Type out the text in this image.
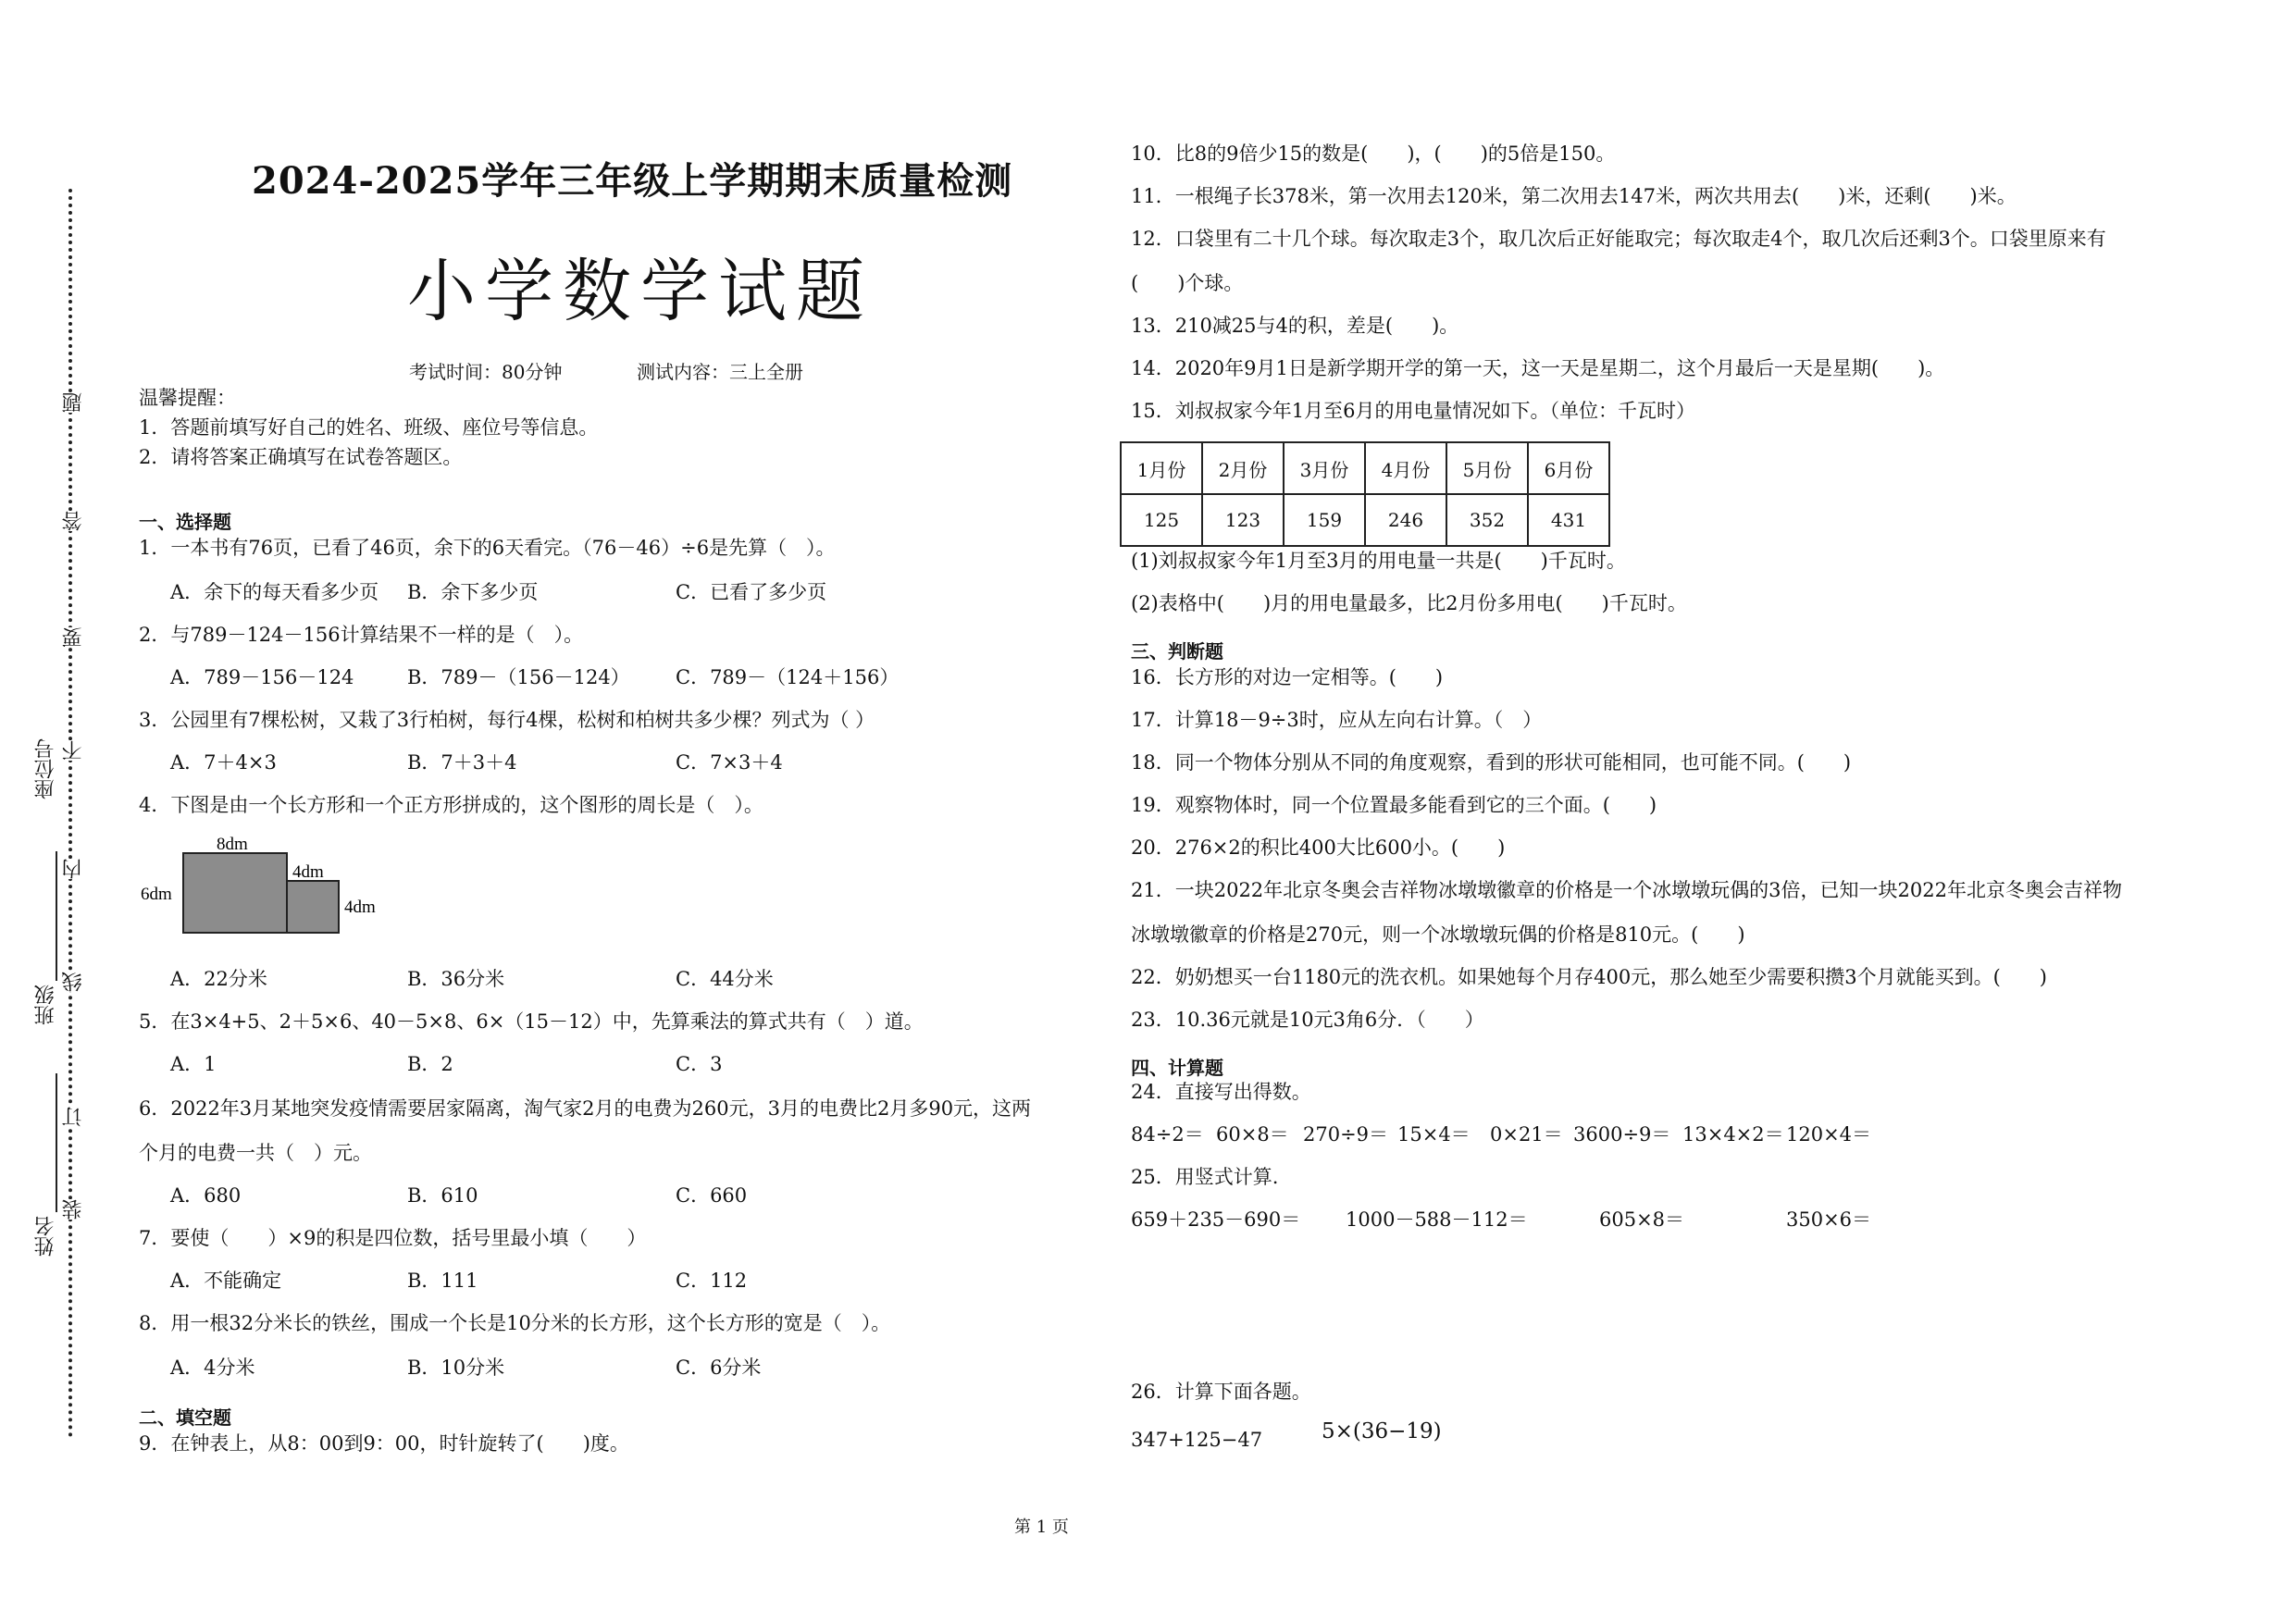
装
订
线
内
不
要
答
题
姓名
班级
座位号
2024-2025学年三年级上学期期末质量检测
小学数学试题
考试时间：80分钟	测试内容：三上全册
温馨提醒：
1．答题前填写好自己的姓名、班级、座位号等信息。
2．请将答案正确填写在试卷答题区。
一、选择题
1．一本书有76页，已看了46页，余下的6天看完。（76－46）÷6是先算（　）。
A．余下的每天看多少页 B．余下多少页	C．已看了多少页
2．与789－124－156计算结果不一样的是（　）。
A．789－156－124	B．789－（156－124） C．789－（124＋156）
3．公园里有7棵松树，又栽了3行柏树，每行4棵，松树和柏树共多少棵？列式为（ ）
A．7＋4×3	B．7＋3＋4	C．7×3＋4
4．下图是由一个长方形和一个正方形拼成的，这个图形的周长是（　）。
8dm
6dm
4dm
4dm
A．22分米	B．36分米	C．44分米
5．在3×4+5、2＋5×6、40－5×8、6×（15－12）中，先算乘法的算式共有（　）道。
A．1	B．2	C．3
6．2022年3月某地突发疫情需要居家隔离，淘气家2月的电费为260元，3月的电费比2月多90元，这两
个月的电费一共（　）元。
A．680	B．610	C．660
7．要使（　　）×9的积是四位数，括号里最小填（　　）
A．不能确定	B．111	C．112
8．用一根32分米长的铁丝，围成一个长是10分米的长方形，这个长方形的宽是（　）。
A．4分米	B．10分米	C．6分米
二、填空题
9．在钟表上，从8：00到9：00，时针旋转了(　　)度。
10．比8的9倍少15的数是(　　)，(　　)的5倍是150。
11．一根绳子长378米，第一次用去120米，第二次用去147米，两次共用去(　　)米，还剩(　　)米。
12．口袋里有二十几个球。每次取走3个，取几次后正好能取完；每次取走4个，取几次后还剩3个。口袋里原来有
(　　)个球。
13．210减25与4的积，差是(　　)。
14．2020年9月1日是新学期开学的第一天，这一天是星期二，这个月最后一天是星期(　　)。
15．刘叔叔家今年1月至6月的用电量情况如下。（单位：千瓦时）
1月份	2月份	3月份	4月份	5月份	6月份
125	123	159	246	352	431
(1)刘叔叔家今年1月至3月的用电量一共是(　　)千瓦时。
(2)表格中(　　)月的用电量最多，比2月份多用电(　　)千瓦时。
三、判断题
16．长方形的对边一定相等。(　　)
17．计算18－9÷3时，应从左向右计算。（　）
18．同一个物体分别从不同的角度观察，看到的形状可能相同，也可能不同。(　　)
19．观察物体时，同一个位置最多能看到它的三个面。(　　)
20．276×2的积比400大比600小。(　　)
21．一块2022年北京冬奥会吉祥物冰墩墩徽章的价格是一个冰墩墩玩偶的3倍，已知一块2022年北京冬奥会吉祥物
冰墩墩徽章的价格是270元，则一个冰墩墩玩偶的价格是810元。(　　)
22．奶奶想买一台1180元的洗衣机。如果她每个月存400元，那么她至少需要积攒3个月就能买到。(　　)
23．10.36元就是10元3角6分．（　　）
四、计算题
24．直接写出得数。
84÷2＝ 60×8＝ 270÷9＝ 15×4＝ 0×21＝ 3600÷9＝ 13×4×2＝ 120×4＝
25．用竖式计算.
659＋235－690＝ 1000－588－112＝	605×8＝	350×6＝
26．计算下面各题。
347+125−47	5×(36−19)
第 1 页
